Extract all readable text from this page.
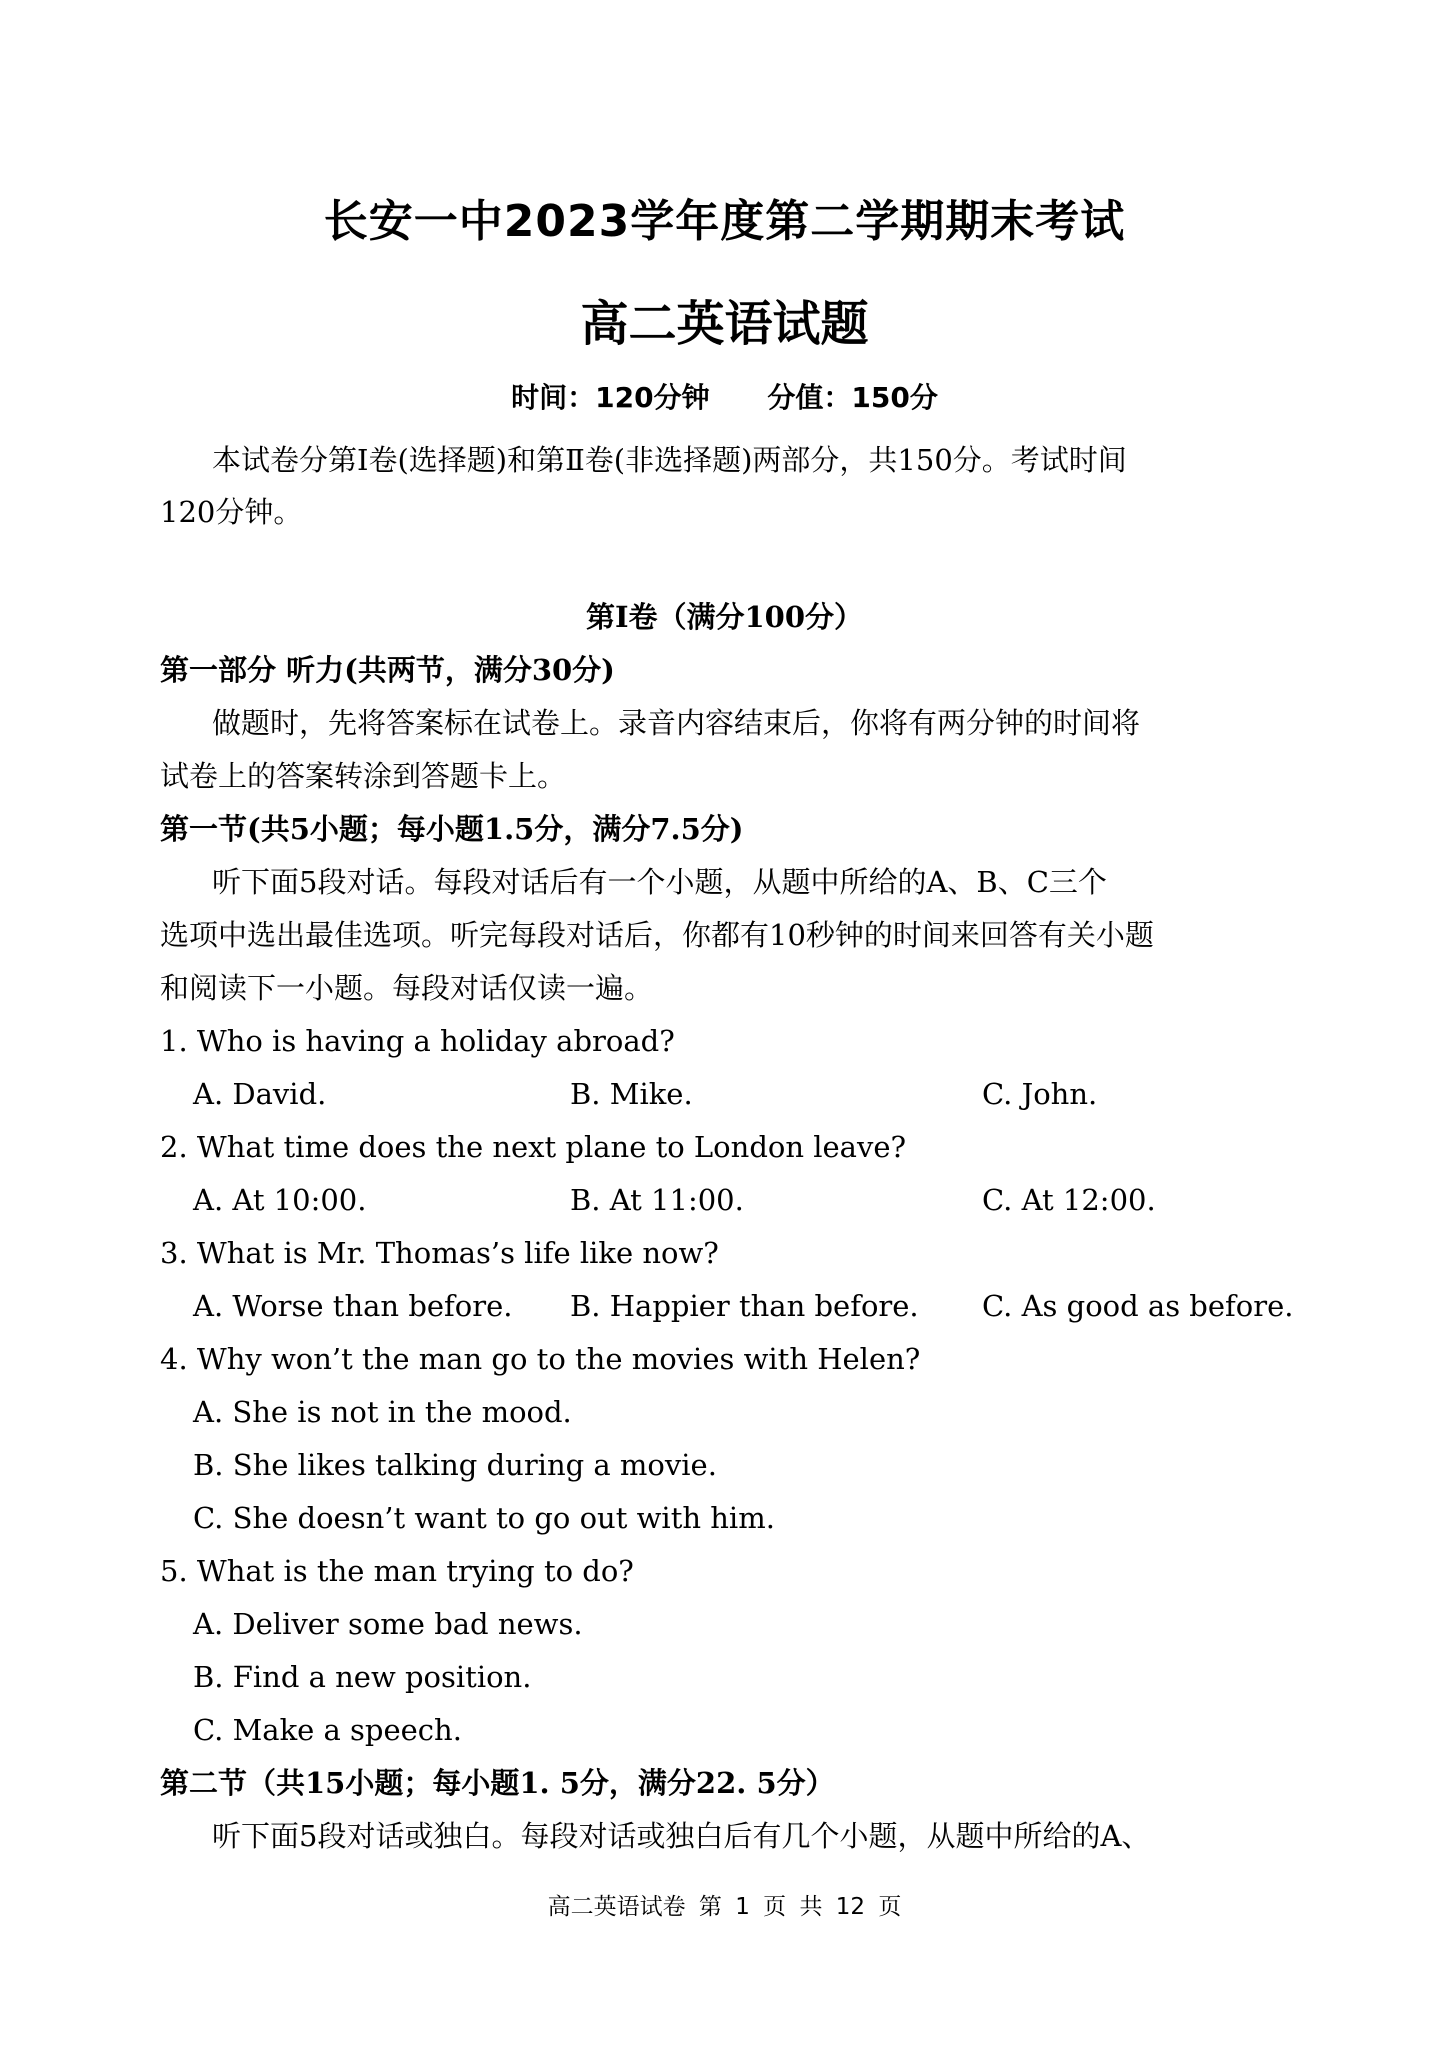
长安一中2023学年度第二学期期末考试
高二英语试题
时间：120分钟 分值：150分
本试卷分第Ⅰ卷(选择题)和第Ⅱ卷(非选择题)两部分，共150分。考试时间
120分钟。
第Ⅰ卷（满分100分）
第一部分 听力(共两节，满分30分)
做题时，先将答案标在试卷上。录音内容结束后，你将有两分钟的时间将
试卷上的答案转涂到答题卡上。
第一节(共5小题；每小题1.5分，满分7.5分)
听下面5段对话。每段对话后有一个小题，从题中所给的A、B、C三个
选项中选出最佳选项。听完每段对话后，你都有10秒钟的时间来回答有关小题
和阅读下一小题。每段对话仅读一遍。
1. Who is having a holiday abroad?
A. David.	B. Mike.	C. John.
2. What time does the next plane to London leave?
A. At 10:00.	B. At 11:00.	C. At 12:00.
3. What is Mr. Thomas’s life like now?
A. Worse than before. B. Happier than before. C. As good as before.
4. Why won’t the man go to the movies with Helen?
A. She is not in the mood.
B. She likes talking during a movie.
C. She doesn’t want to go out with him.
5. What is the man trying to do?
A. Deliver some bad news.
B. Find a new position.
C. Make a speech.
第二节（共15小题；每小题1. 5分，满分22. 5分）
听下面5段对话或独白。每段对话或独白后有几个小题，从题中所给的A、
高二英语试卷 第 1 页 共 12 页
